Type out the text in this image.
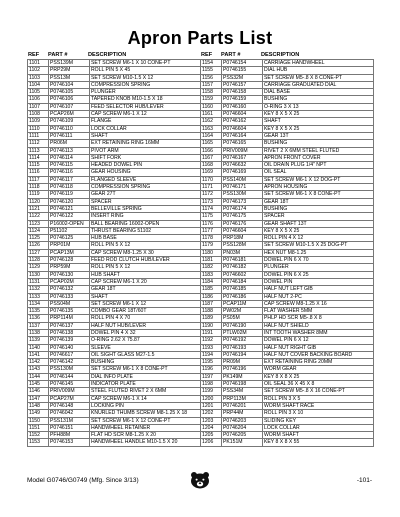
Apron Parts List
REF	PART #	DESCRIPTION
1101	PSS139M	SET SCREW M6-1 X 10 CONE-PT
1102	PRP29M	ROLL PIN 5 X 45
1103	PSS13M	SET SCREW M10-1.5 X 12
1104	P0746104	COMPRESSION SPRING
1105	P0746105	PLUNGER
1106	P0746106	TAPERED KNOB M10-1.5 X 18
1107	P0746107	FEED SELECTOR HUB/LEVER
1108	PCAP26M	CAP SCREW M6-1 X 12
1109	P0746109	FLANGE
1110	P0746110	LOCK COLLAR
1111	P0746111	SHAFT
1112	PR06M	EXT RETAINING RING 16MM
1113	P0746113	PIVOT ARM
1114	P0746114	SHIFT FORK
1115	P0746115	HEADED DOWEL PIN
1116	P0746116	GEAR HOUSING
1117	P0746117	FLANGED SLEEVE
1118	P0746118	COMPRESSION SPRING
1119	P0746119	GEAR 27T
1120	P0746120	SPACER
1121	P0746121	BELLEVILLE SPRING
1122	P0746122	INSERT RING
1123	P16002-OPEN	BALL BEARING 16002-OPEN
1124	P51102	THRUST BEARING 51102
1125	P0746125	HUB BASE
1126	PRP01M	ROLL PIN 5 X 12
1127	PCAP13M	CAP SCREW M8-1.25 X 30
1128	P0746128	FEED ROD CLUTCH HUB/LEVER
1129	PRP59M	ROLL PIN 5 X 12
1130	P0746130	HUB SHAFT
1131	PCAP02M	CAP SCREW M6-1 X 20
1132	P0746132	GEAR 18T
1133	P0746133	SHAFT
1134	PSS04M	SET SCREW M6-1 X 12
1135	P0746135	COMBO GEAR 18T/60T
1136	PRP114M	ROLL PIN 4 X 70
1137	P0746137	HALF NUT HUB/LEVER
1138	P0746138	DOWEL PIN 4 X 32
1139	P0746139	O-RING 2.62 X 75.87
1140	P0746140	SLEEVE
1141	P0746617	OIL SIGHT GLASS M27-1.5
1142	P0746142	BUSHING
1143	PSS130M	SET SCREW M6-1 X 8 CONE-PT
1144	P0746144	DIAL INFO PLATE
1145	P0746145	INDICATOR PLATE
1146	PRIV009M	STEEL FLUTED RIVET 2 X 6MM
1147	PCAP27M	CAP SCREW M6-1 X 14
1148	P0746148	LOCKING PIN
1149	P0746042	KNURLED THUMB SCREW M8-1.25 X 18
1150	PSS131M	SET SCREW M6-1 X 12 CONE-PT
1151	P0746151	HANDWHEEL RETAINER
1152	PFH88M	FLAT HD SCR M8-1.25 X 20
1153	P0746153	HANDWHEEL HANDLE M10-1.5 X 20
REF	PART #	DESCRIPTION
1154	P0746154	CARRIAGE HANDWHEEL
1155	P0746155	DIAL HUB
1156	PSS32M	SET SCREW M5-.8 X 8 CONE-PT
1157	P0746157	CARRIAGE GRADUATED DIAL
1158	P0746158	DIAL BASE
1159	P0746159	BUSHING
1160	P0746160	O-RING 3 X 13
1161	P0746604	KEY 8 X 5 X 25
1162	P0746162	SHAFT
1163	P0746604	KEY 8 X 5 X 25
1164	P0746164	GEAR 13T
1165	P0746165	BUSHING
1166	PRIV009M	RIVET 2 X 6MM STEEL FLUTED
1167	P0746167	APRON FRONT COVER
1168	P0746632	OIL DRAIN PLUG 1/4" NPT
1169	P0746169	OIL SEAL
1170	PSS140M	SET SCREW M6-1 X 12 DOG-PT
1171	P0746171	APRON HOUSING
1172	PSS130M	SET SCREW M6-1 X 8 CONE-PT
1173	P0746173	GEAR 18T
1174	P0746174	BUSHING
1175	P0746175	SPACER
1176	P0746176	GEAR SHAFT 13T
1177	P0746604	KEY 8 X 5 X 25
1178	PRP18M	ROLL PIN 4 X 12
1179	PSS128M	SET SCREW M10-1.5 X 25 DOG-PT
1180	PN03M	HEX NUT M8-1.25
1181	P0746181	DOWEL PIN 6 X 70
1182	P0746182	PLUNGER
1183	P0746602	DOWEL PIN 6 X 25
1184	P0746184	DOWEL PIN
1185	P0746185	HALF NUT LEFT GIB
1186	P0746186	HALF NUT 2-PC
1187	PCAP11M	CAP SCREW M8-1.25 X 16
1188	PW02M	FLAT WASHER 5MM
1189	PS05M	PHLP HD SCR M5-.8 X 8
1190	P0746190	HALF NUT SHIELD
1191	PTLW02M	INT TOOTH WASHER 8MM
1192	P0746192	DOWEL PIN 6 X 12
1193	P0746193	HALF NUT RIGHT GIB
1194	P0746194	HALF NUT COVER BACKING BOARD
1195	PR09M	EXT RETAINING RING 20MM
1196	P0746196	WORM GEAR
1197	PK149M	KEY 8 X 8 X 25
1198	P0746198	OIL SEAL 36 X 45 X 8
1199	PSS34M	SET SCREW M5-.8 X 16 CONE-PT
1200	PRP113M	ROLL PIN 3 X 5
1201	P0746201	WORM SHAFT RACE
1202	PRP44M	ROLL PIN 3 X 10
1203	P0746203	SLIDING KEY
1204	P0746204	LOCK COLLAR
1205	P0746205	WORM SHAFT
1206	PK151M	KEY 8 X 8 X 55
Model G0746/G0749 (Mfg. Since 3/13)	-101-
